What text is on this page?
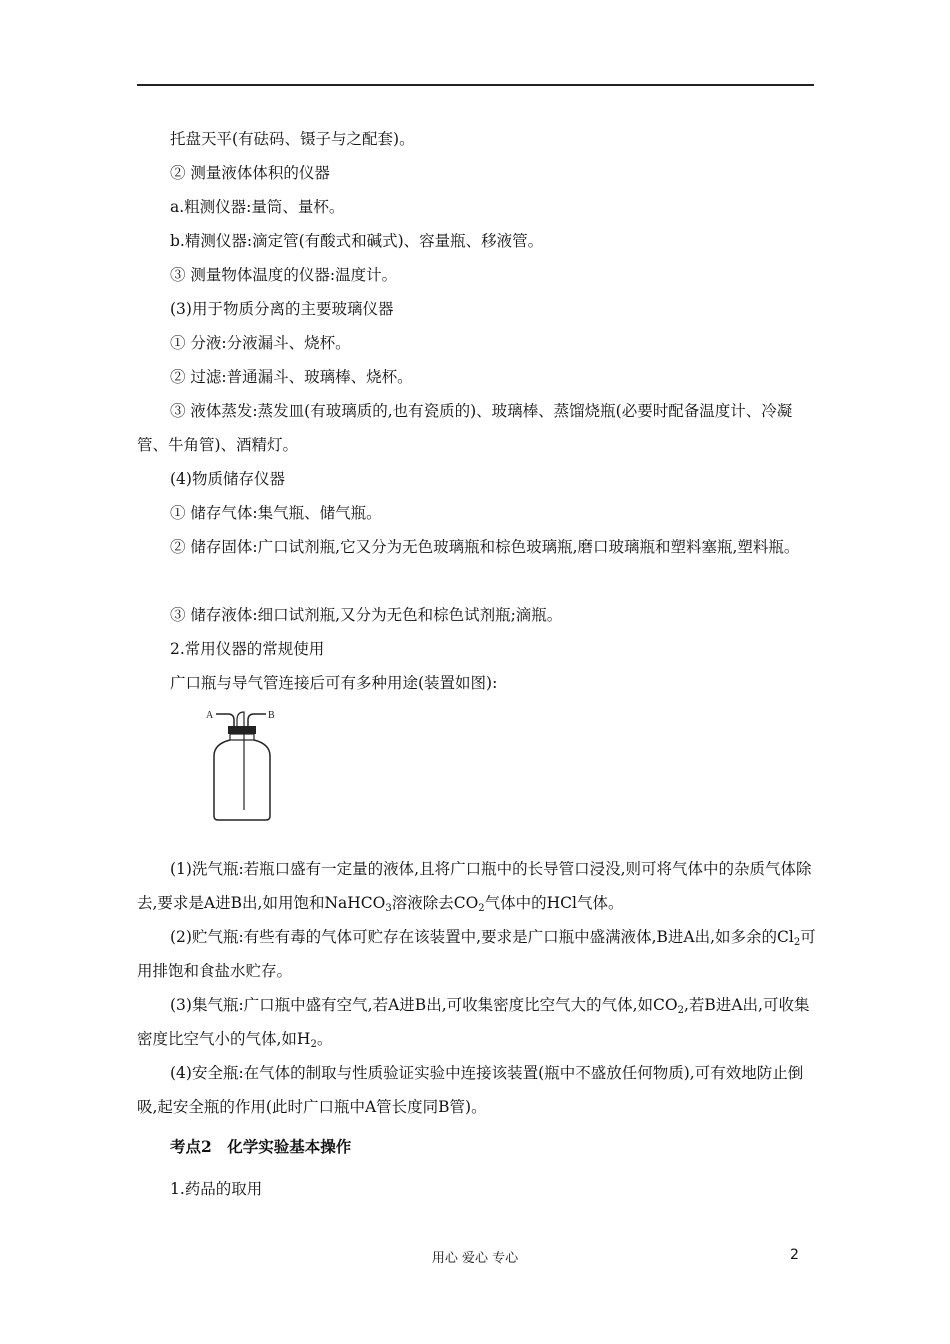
托盘天平(有砝码、镊子与之配套)。

② 测量液体体积的仪器

a.粗测仪器:量筒、量杯。

b.精测仪器:滴定管(有酸式和碱式)、容量瓶、移液管。

③ 测量物体温度的仪器:温度计。

(3)用于物质分离的主要玻璃仪器

① 分液:分液漏斗、烧杯。

② 过滤:普通漏斗、玻璃棒、烧杯。

③ 液体蒸发:蒸发皿(有玻璃质的,也有瓷质的)、玻璃棒、蒸馏烧瓶(必要时配备温度计、冷凝管、牛角管)、酒精灯。

(4)物质储存仪器

① 储存气体:集气瓶、储气瓶。

② 储存固体:广口试剂瓶,它又分为无色玻璃瓶和棕色玻璃瓶,磨口玻璃瓶和塑料塞瓶,塑料瓶。

③ 储存液体:细口试剂瓶,又分为无色和棕色试剂瓶;滴瓶。

2.常用仪器的常规使用

广口瓶与导气管连接后可有多种用途(装置如图):

A	B

(1)洗气瓶:若瓶口盛有一定量的液体,且将广口瓶中的长导管口浸没,则可将气体中的杂质气体除去,要求是A进B出,如用饱和NaHCO$_3$溶液除去$CO_2$气体中的HCl气体。

(2)贮气瓶:有些有毒的气体可贮存在该装置中,要求是广口瓶中盛满液体,B进A出,如多余的$Cl_2$可用排饱和食盐水贮存。

(3)集气瓶:广口瓶中盛有空气,若A进B出,可收集密度比空气大的气体,如$CO_2$,若B进A出,可收集密度比空气小的气体,如$H_2$。

(4)安全瓶:在气体的制取与性质验证实验中连接该装置(瓶中不盛放任何物质),可有效地防止倒吸,起安全瓶的作用(此时广口瓶中A管长度同B管)。

考点2　化学实验基本操作

1.药品的取用

用心 爱心 专心	2
